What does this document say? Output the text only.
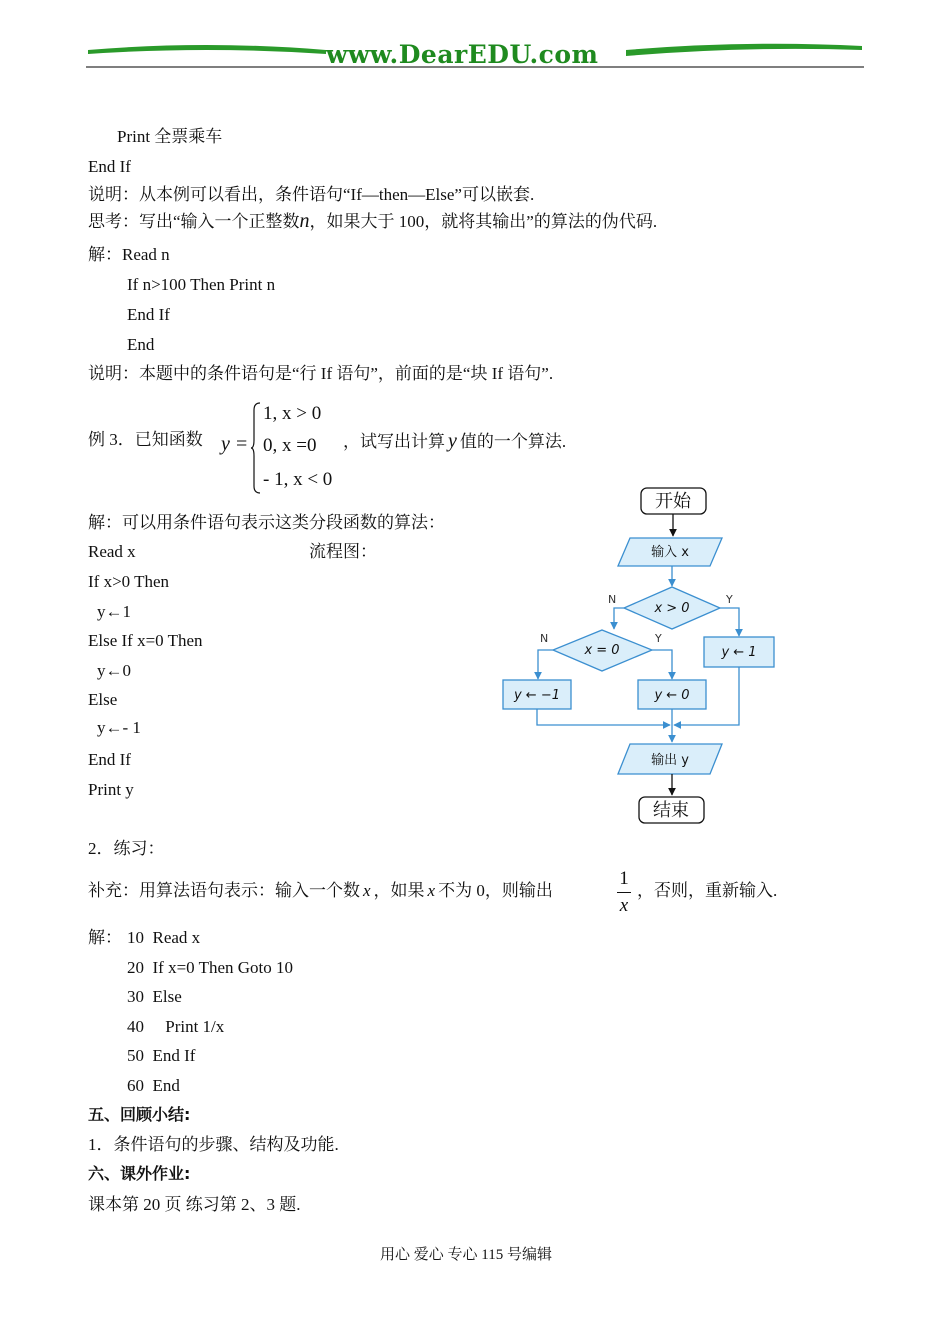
www.DearEDU.com
Print 全票乘车
End If
说明：从本例可以看出，条件语句“If—then—Else”可以嵌套.
思考：写出“输入一个正整数n，如果大于 100，就将其输出”的算法的伪代码.
解：Read n
If n>100 Then Print n
End If
End
说明：本题中的条件语句是“行 If 语句”，前面的是“块 If 语句”.
例 3．已知函数 y =
1, x > 0
0, x =0
- 1, x < 0
，试写出计算 y 值的一个算法.
解：可以用条件语句表示这类分段函数的算法：
流程图：
Read x
If x>0 Then
y←1
Else If x=0 Then
y←0
Else
y←- 1
End If
Print y
开始
输入 x
x > 0
N	Y
y ← 1
x = 0
N	Y
y ← −1	y ← 0
输出 y
结束
2．练习：
补充：用算法语句表示：输入一个数 x ，如果 x 不为 0，则输出
1
x
，否则，重新输入.
解： 10  Read x
20  If x=0 Then Goto 10
30  Else
40     Print 1/x
50  End If
60  End
五、回顾小结:
1．条件语句的步骤、结构及功能.
六、课外作业:
课本第 20 页 练习第 2、3 题.
用心 爱心 专心 115 号编辑
